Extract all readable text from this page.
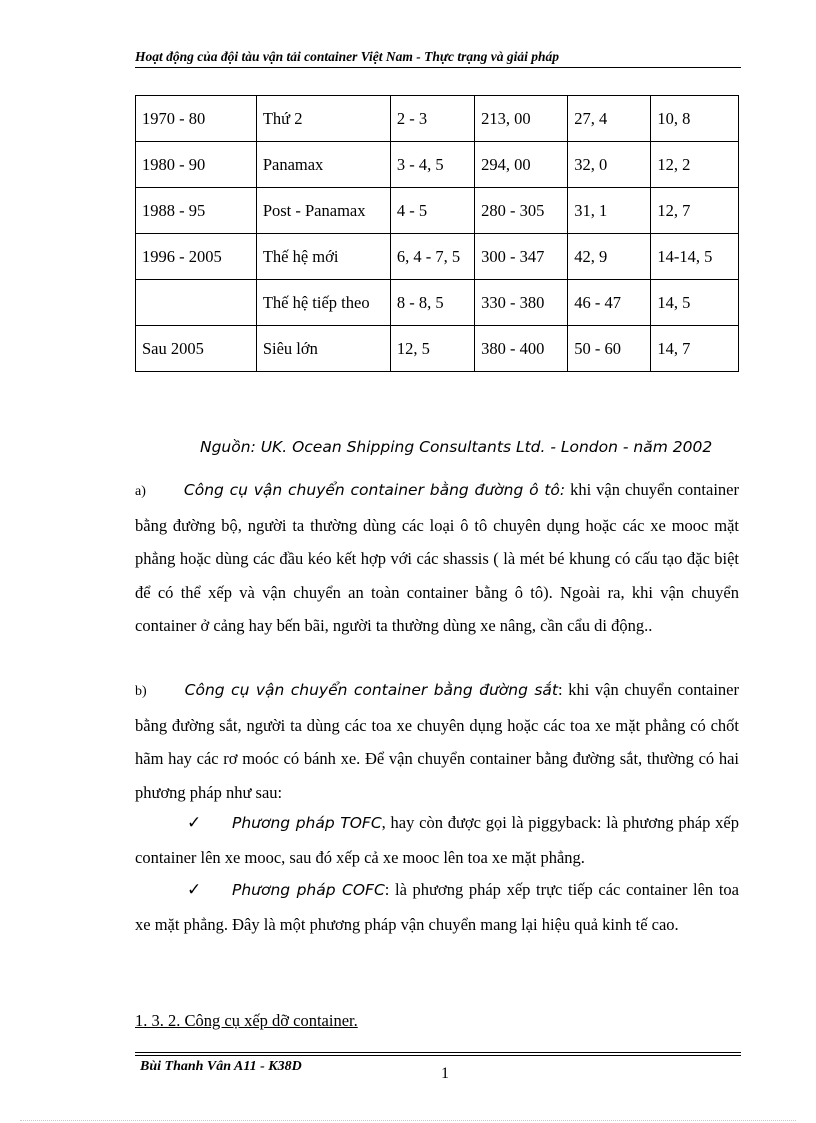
Hoạt động của đội tàu vận tải container Việt Nam - Thực trạng và giải pháp
1970 - 80	Thứ 2	2 - 3	213, 00	27, 4	10, 8
1980 - 90	Panamax	3 - 4, 5	294, 00	32, 0	12, 2
1988 - 95	Post - Panamax	4 - 5	280 - 305	31, 1	12, 7
1996 - 2005	Thế hệ mới	6, 4 - 7, 5	300 - 347	42, 9	14-14, 5
	Thế hệ tiếp theo	8 - 8, 5	330 - 380	46 - 47	14, 5
Sau 2005	Siêu lớn	12, 5	380 - 400	50 - 60	14, 7
Nguồn: UK. Ocean Shipping Consultants Ltd. - London - năm 2002
a) Công cụ vận chuyển container bằng đường ô tô: khi vận chuyển container bằng đường bộ, người ta thường dùng các loại ô tô chuyên dụng hoặc các xe mooc mặt phẳng hoặc dùng các đầu kéo kết hợp với các shassis ( là mét bé khung có cấu tạo đặc biệt để có thể xếp và vận chuyển an toàn container bằng ô tô). Ngoài ra, khi vận chuyển container ở cảng hay bến bãi, người ta thường dùng xe nâng, cần cẩu di động..
b) Công cụ vận chuyển container bằng đường sắt: khi vận chuyển container bằng đường sắt, người ta dùng các toa xe chuyên dụng hoặc các toa xe mặt phẳng có chốt hãm hay các rơ moóc có bánh xe. Để vận chuyển container bằng đường sắt, thường có hai phương pháp như sau:
✓ Phương pháp TOFC, hay còn được gọi là piggyback: là phương pháp xếp container lên xe mooc, sau đó xếp cả xe mooc lên toa xe mặt phẳng.
✓ Phương pháp COFC: là phương pháp xếp trực tiếp các container lên toa xe mặt phẳng. Đây là một phương pháp vận chuyển mang lại hiệu quả kinh tế cao.
1. 3. 2. Công cụ xếp dỡ container.
Bùi Thanh Vân A11 - K38D	1
